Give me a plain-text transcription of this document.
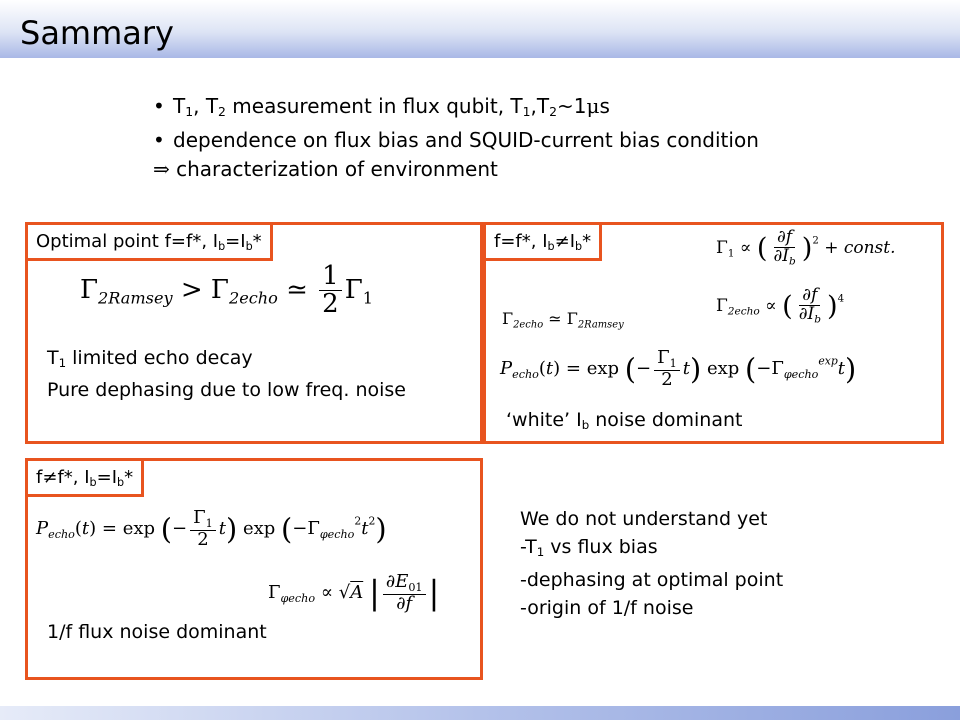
Sammary
• $T_1$, $T_2$ measurement in flux qubit, $T_1,T_2\sim 1\mu s$
• dependence on flux bias and SQUID-current bias condition
⇒ characterization of environment
Optimal point f=f*, $I_b=I_b*$
$\Gamma_{2Ramsey} > \Gamma_{2echo}$ ≃ $\frac{1}{2} \Gamma_1$
$T_1$ limited echo decay
Pure dephasing due to low freq. noise
f=f*, $I_b\ne I_b*$	$\Gamma_1$ ∝ ( $\frac{\partial f}{\partial I_b} )^2$ + const.
$\Gamma_{2echo}$ ≃ $\Gamma_{2Ramsey}$
$\Gamma_{2echo}$ ∝ ( $\frac{\partial f}{\partial I_b} )^4$
$P_{echo}(t) = \exp$ (− $\frac{\Gamma_1}{2} t$) $\exp (-\Gamma_{\varphi echo}^{exp}t)$
‘white’ $I_b$ noise dominant
f≠f*, $I_b=I_b*$
$P_{echo}(t) = \exp$ (− $\frac{\Gamma_1}{2} t$) $\exp (-\Gamma_{\varphi echo}^2t^2)$
$\Gamma_{\varphi echo} \propto √A$ | $\frac{\partial E_{01}}{\partial f}$ |
1/f flux noise dominant
We do not understand yet
$-T_1$ vs flux bias
-dephasing at optimal point
-origin of 1/f noise
